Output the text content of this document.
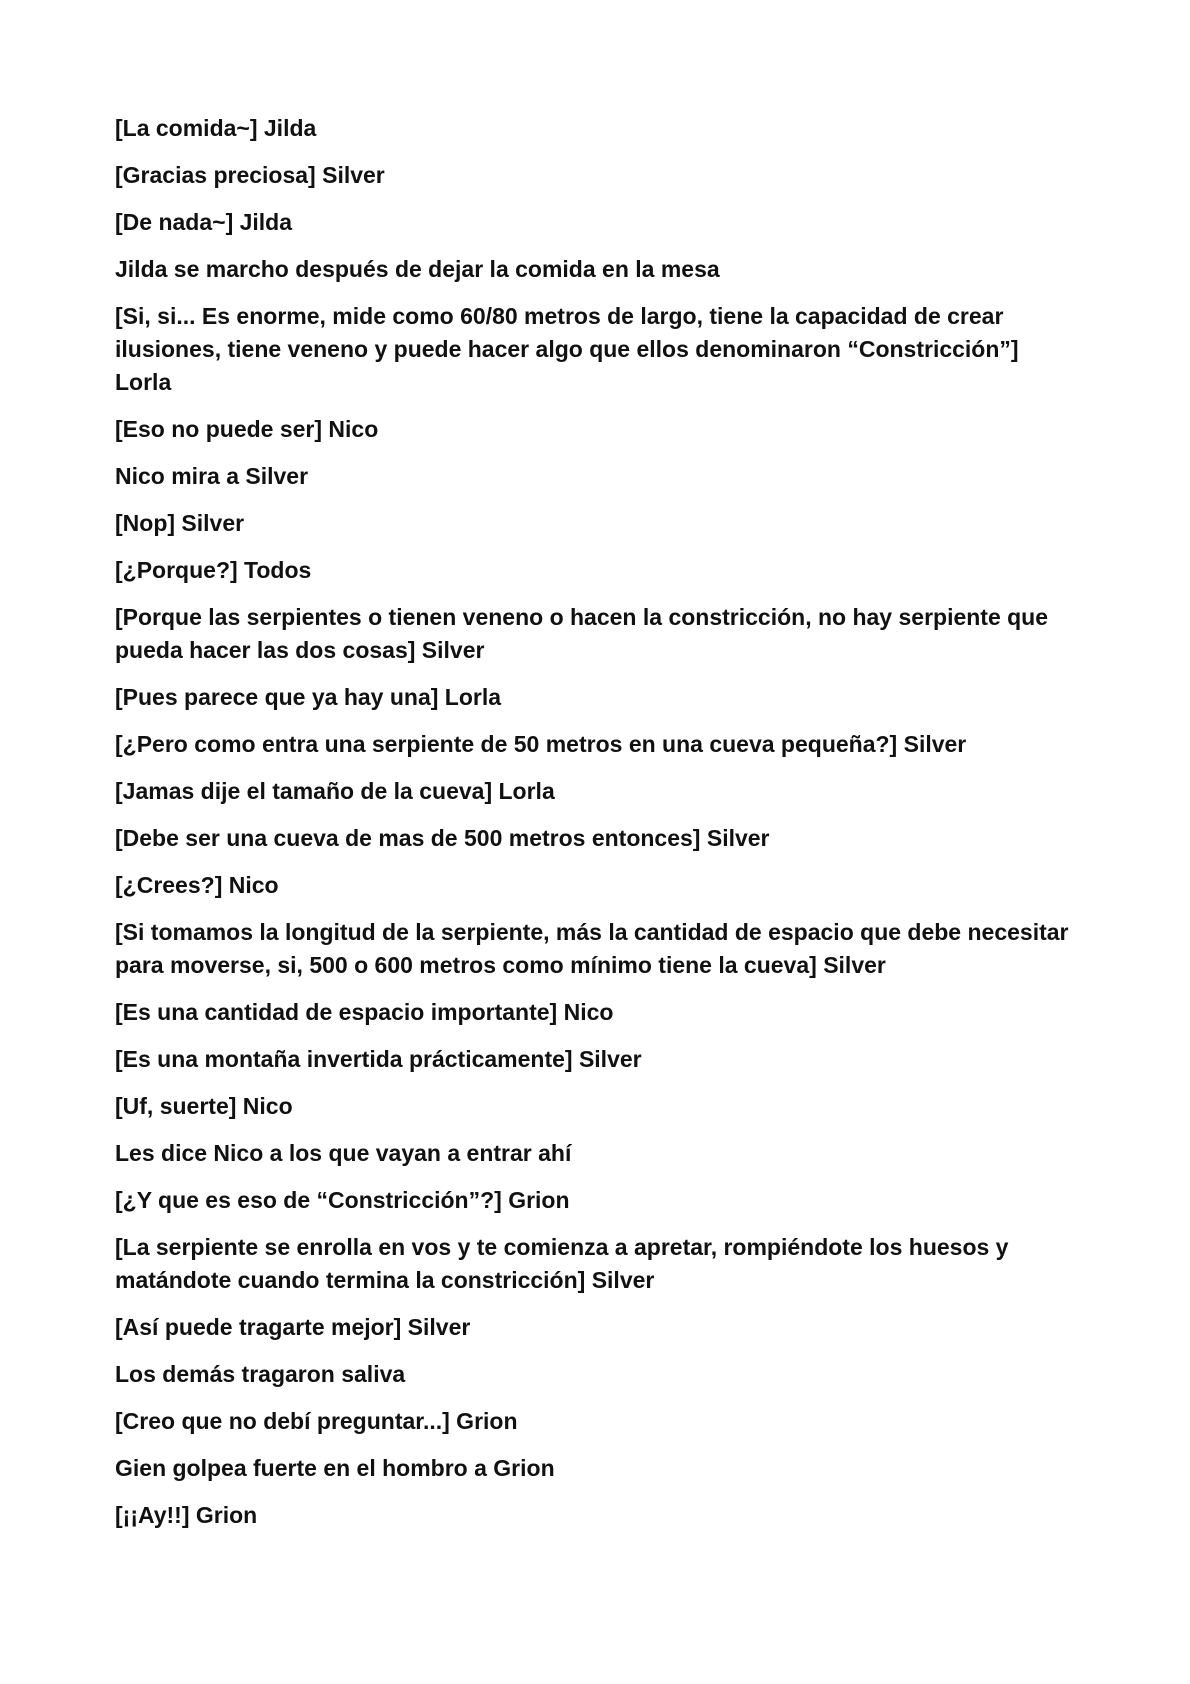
[La comida~] Jilda

[Gracias preciosa] Silver

[De nada~] Jilda

Jilda se marcho después de dejar la comida en la mesa

[Si, si... Es enorme, mide como 60/80 metros de largo, tiene la capacidad de crear ilusiones, tiene veneno y puede hacer algo que ellos denominaron “Constricción”] Lorla

[Eso no puede ser] Nico

Nico mira a Silver

[Nop] Silver

[¿Porque?] Todos

[Porque las serpientes o tienen veneno o hacen la constricción, no hay serpiente que pueda hacer las dos cosas] Silver

[Pues parece que ya hay una] Lorla

[¿Pero como entra una serpiente de 50 metros en una cueva pequeña?] Silver

[Jamas dije el tamaño de la cueva] Lorla

[Debe ser una cueva de mas de 500 metros entonces] Silver

[¿Crees?] Nico

[Si tomamos la longitud de la serpiente, más la cantidad de espacio que debe necesitar para moverse, si, 500 o 600 metros como mínimo tiene la cueva] Silver

[Es una cantidad de espacio importante] Nico

[Es una montaña invertida prácticamente] Silver

[Uf, suerte] Nico

Les dice Nico a los que vayan a entrar ahí

[¿Y que es eso de “Constricción”?] Grion

[La serpiente se enrolla en vos y te comienza a apretar, rompiéndote los huesos y matándote cuando termina la constricción] Silver

[Así puede tragarte mejor] Silver

Los demás tragaron saliva

[Creo que no debí preguntar...] Grion

Gien golpea fuerte en el hombro a Grion

[¡¡Ay!!] Grion
